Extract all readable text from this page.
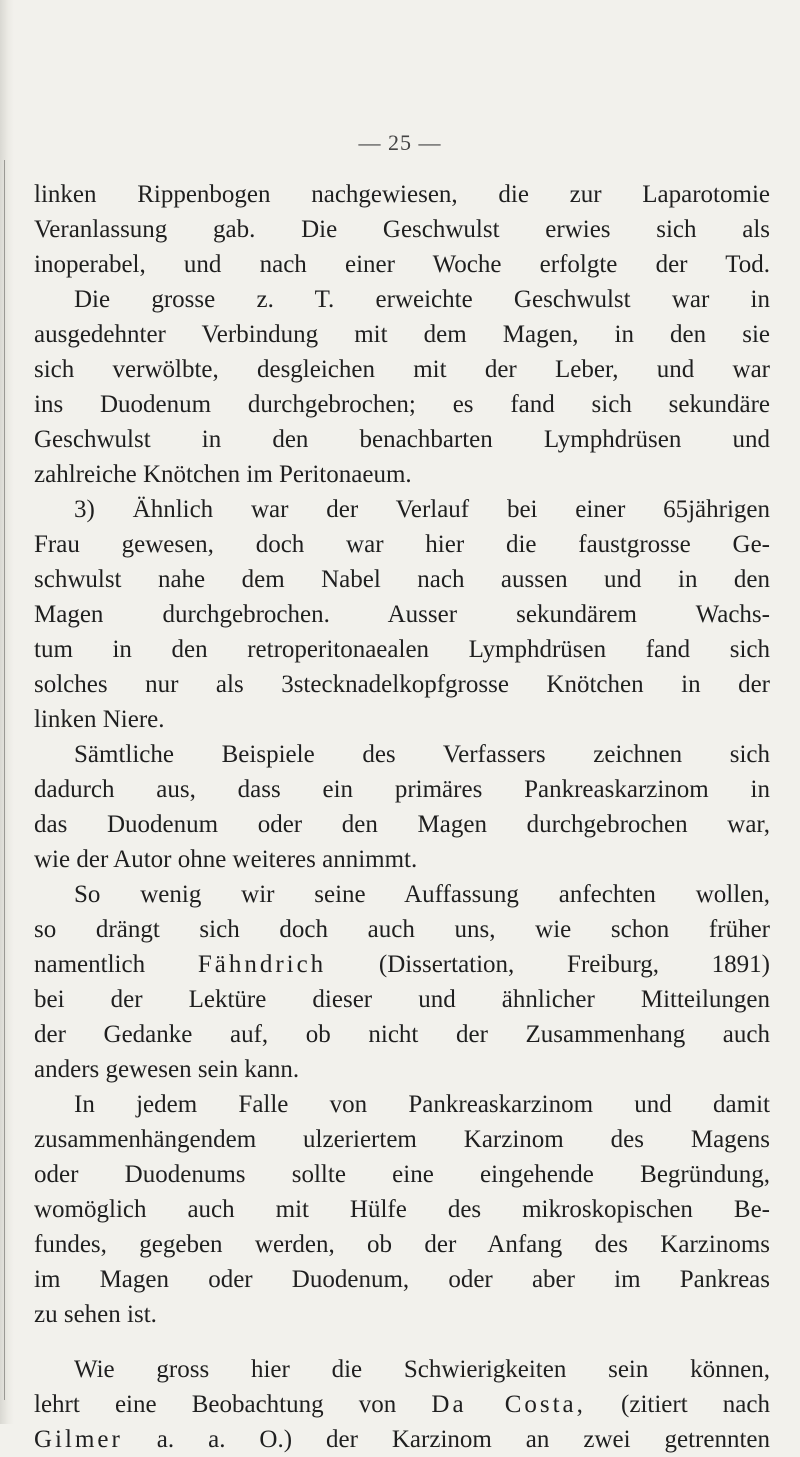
— 25 —
linken Rippenbogen nachgewiesen, die zur Laparotomie
Veranlassung gab. Die Geschwulst erwies sich als
inoperabel, und nach einer Woche erfolgte der Tod.
Die grosse z. T. erweichte Geschwulst war in
ausgedehnter Verbindung mit dem Magen, in den sie
sich verwölbte, desgleichen mit der Leber, und war
ins Duodenum durchgebrochen; es fand sich sekundäre
Geschwulst in den benachbarten Lymphdrüsen und
zahlreiche Knötchen im Peritonaeum.
3) Ähnlich war der Verlauf bei einer 65jährigen
Frau gewesen, doch war hier die faustgrosse Ge-
schwulst nahe dem Nabel nach aussen und in den
Magen durchgebrochen. Ausser sekundärem Wachs-
tum in den retroperitonaealen Lymphdrüsen fand sich
solches nur als 3stecknadelkopfgrosse Knötchen in der
linken Niere.
Sämtliche Beispiele des Verfassers zeichnen sich
dadurch aus, dass ein primäres Pankreaskarzinom in
das Duodenum oder den Magen durchgebrochen war,
wie der Autor ohne weiteres annimmt.
So wenig wir seine Auffassung anfechten wollen,
so drängt sich doch auch uns, wie schon früher
namentlich Fähndrich (Dissertation, Freiburg, 1891)
bei der Lektüre dieser und ähnlicher Mitteilungen
der Gedanke auf, ob nicht der Zusammenhang auch
anders gewesen sein kann.
In jedem Falle von Pankreaskarzinom und damit
zusammenhängendem ulzeriertem Karzinom des Magens
oder Duodenums sollte eine eingehende Begründung,
womöglich auch mit Hülfe des mikroskopischen Be-
fundes, gegeben werden, ob der Anfang des Karzinoms
im Magen oder Duodenum, oder aber im Pankreas
zu sehen ist.
Wie gross hier die Schwierigkeiten sein können,
lehrt eine Beobachtung von Da Costa, (zitiert nach
Gilmer a. a. O.) der Karzinom an zwei getrennten
